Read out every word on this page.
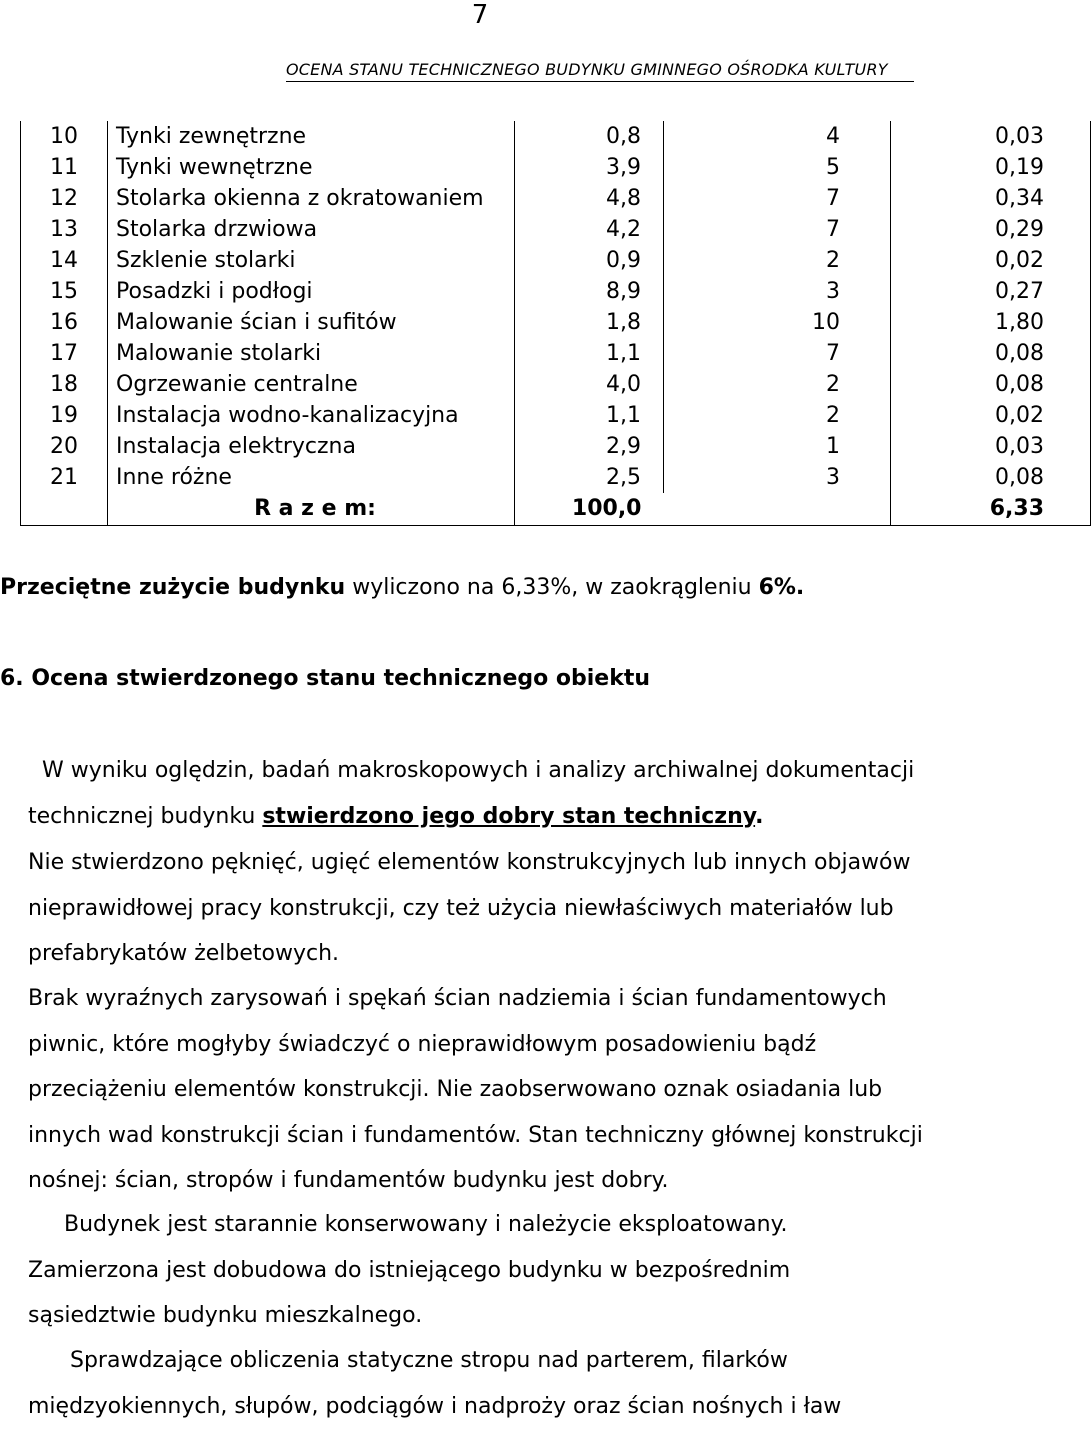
7
OCENA STANU TECHNICZNEGO BUDYNKU GMINNEGO OŚRODKA KULTURY
10	Tynki zewnętrzne	0,8	4	0,03
11	Tynki wewnętrzne	3,9	5	0,19
12	Stolarka okienna z okratowaniem	4,8	7	0,34
13	Stolarka drzwiowa	4,2	7	0,29
14	Szklenie stolarki	0,9	2	0,02
15	Posadzki i podłogi	8,9	3	0,27
16	Malowanie ścian i sufitów	1,8	10	1,80
17	Malowanie stolarki	1,1	7	0,08
18	Ogrzewanie centralne	4,0	2	0,08
19	Instalacja wodno-kanalizacyjna	1,1	2	0,02
20	Instalacja elektryczna	2,9	1	0,03
21	Inne różne	2,5	3	0,08
	R a z e m:	100,0		6,33
Przeciętne zużycie budynku wyliczono na 6,33%, w zaokrągleniu 6%.
6. Ocena stwierdzonego stanu technicznego obiektu
W wyniku oględzin, badań makroskopowych i analizy archiwalnej dokumentacji
technicznej budynku stwierdzono jego dobry stan techniczny.
Nie stwierdzono pęknięć, ugięć elementów konstrukcyjnych lub innych objawów
nieprawidłowej pracy konstrukcji, czy też użycia niewłaściwych materiałów lub
prefabrykatów żelbetowych.
Brak wyraźnych zarysowań i spękań ścian nadziemia i ścian fundamentowych
piwnic, które mogłyby świadczyć o nieprawidłowym posadowieniu bądź
przeciążeniu elementów konstrukcji. Nie zaobserwowano oznak osiadania lub
innych wad konstrukcji ścian i fundamentów. Stan techniczny głównej konstrukcji
nośnej: ścian, stropów i fundamentów budynku jest dobry.
Budynek jest starannie konserwowany i należycie eksploatowany.
Zamierzona jest dobudowa do istniejącego budynku w bezpośrednim
sąsiedztwie budynku mieszkalnego.
Sprawdzające obliczenia statyczne stropu nad parterem, filarków
międzyokiennych, słupów, podciągów i nadproży oraz ścian nośnych i ław
